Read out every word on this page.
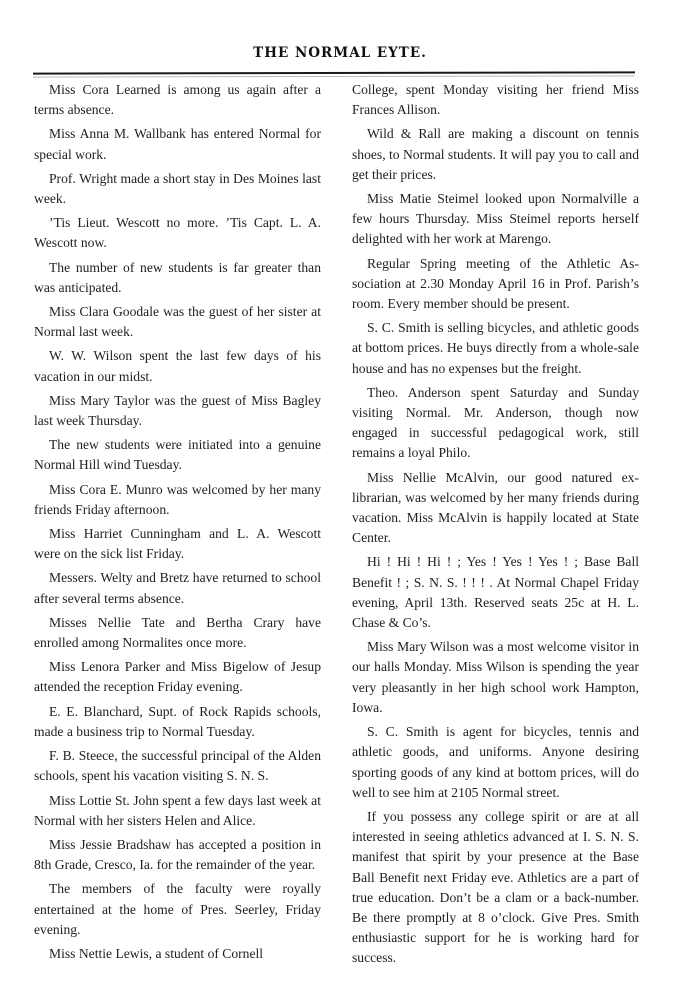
THE NORMAL EYTE.

Miss Cora Learned is among us again after a terms absence.

Miss Anna M. Wallbank has entered Normal for special work.

Prof. Wright made a short stay in Des Moines last week.

’Tis Lieut. Wescott no more. ’Tis Capt. L. A. Wescott now.

The number of new students is far greater than was anticipated.

Miss Clara Goodale was the guest of her sister at Normal last week.

W. W. Wilson spent the last few days of his vacation in our midst.

Miss Mary Taylor was the guest of Miss Bagley last week Thursday.

The new students were initiated into a genuine Normal Hill wind Tuesday.

Miss Cora E. Munro was welcomed by her many friends Friday afternoon.

Miss Harriet Cunningham and L. A. Wescott were on the sick list Friday.

Messers. Welty and Bretz have returned to school after several terms absence.

Misses Nellie Tate and Bertha Crary have enrolled among Normalites once more.

Miss Lenora Parker and Miss Bigelow of Jesup attended the reception Friday evening.

E. E. Blanchard, Supt. of Rock Rapids schools, made a business trip to Normal Tuesday.

F. B. Steece, the successful principal of the Alden schools, spent his vacation visiting S. N. S.

Miss Lottie St. John spent a few days last week at Normal with her sisters Helen and Alice.

Miss Jessie Bradshaw has accepted a position in 8th Grade, Cresco, Ia. for the remainder of the year.

The members of the faculty were royally entertained at the home of Pres. Seerley, Friday evening.

Miss Nettie Lewis, a student of Cornell

College, spent Monday visiting her friend Miss Frances Allison.

Wild & Rall are making a discount on tennis shoes, to Normal students. It will pay you to call and get their prices.

Miss Matie Steimel looked upon Normalville a few hours Thursday. Miss Steimel reports herself delighted with her work at Marengo.

Regular Spring meeting of the Athletic Association at 2.30 Monday April 16 in Prof. Parish’s room. Every member should be present.

S. C. Smith is selling bicycles, and athletic goods at bottom prices. He buys directly from a whole-sale house and has no expenses but the freight.

Theo. Anderson spent Saturday and Sunday visiting Normal. Mr. Anderson, though now engaged in successful pedagogical work, still remains a loyal Philo.

Miss Nellie McAlvin, our good natured ex-librarian, was welcomed by her many friends during vacation. Miss McAlvin is happily located at State Center.

Hi ! Hi ! Hi ! ; Yes ! Yes ! Yes ! ; Base Ball Benefit ! ; S. N. S. ! ! ! . At Normal Chapel Friday evening, April 13th. Reserved seats 25c at H. L. Chase & Co’s.

Miss Mary Wilson was a most welcome visitor in our halls Monday. Miss Wilson is spending the year very pleasantly in her high school work Hampton, Iowa.

S. C. Smith is agent for bicycles, tennis and athletic goods, and uniforms. Anyone desiring sporting goods of any kind at bottom prices, will do well to see him at 2105 Normal street.

If you possess any college spirit or are at all interested in seeing athletics advanced at I. S. N. S. manifest that spirit by your presence at the Base Ball Benefit next Friday eve. Athletics are a part of true education. Don’t be a clam or a back-number. Be there promptly at 8 o’clock. Give Pres. Smith enthusiastic support for he is working hard for success.
